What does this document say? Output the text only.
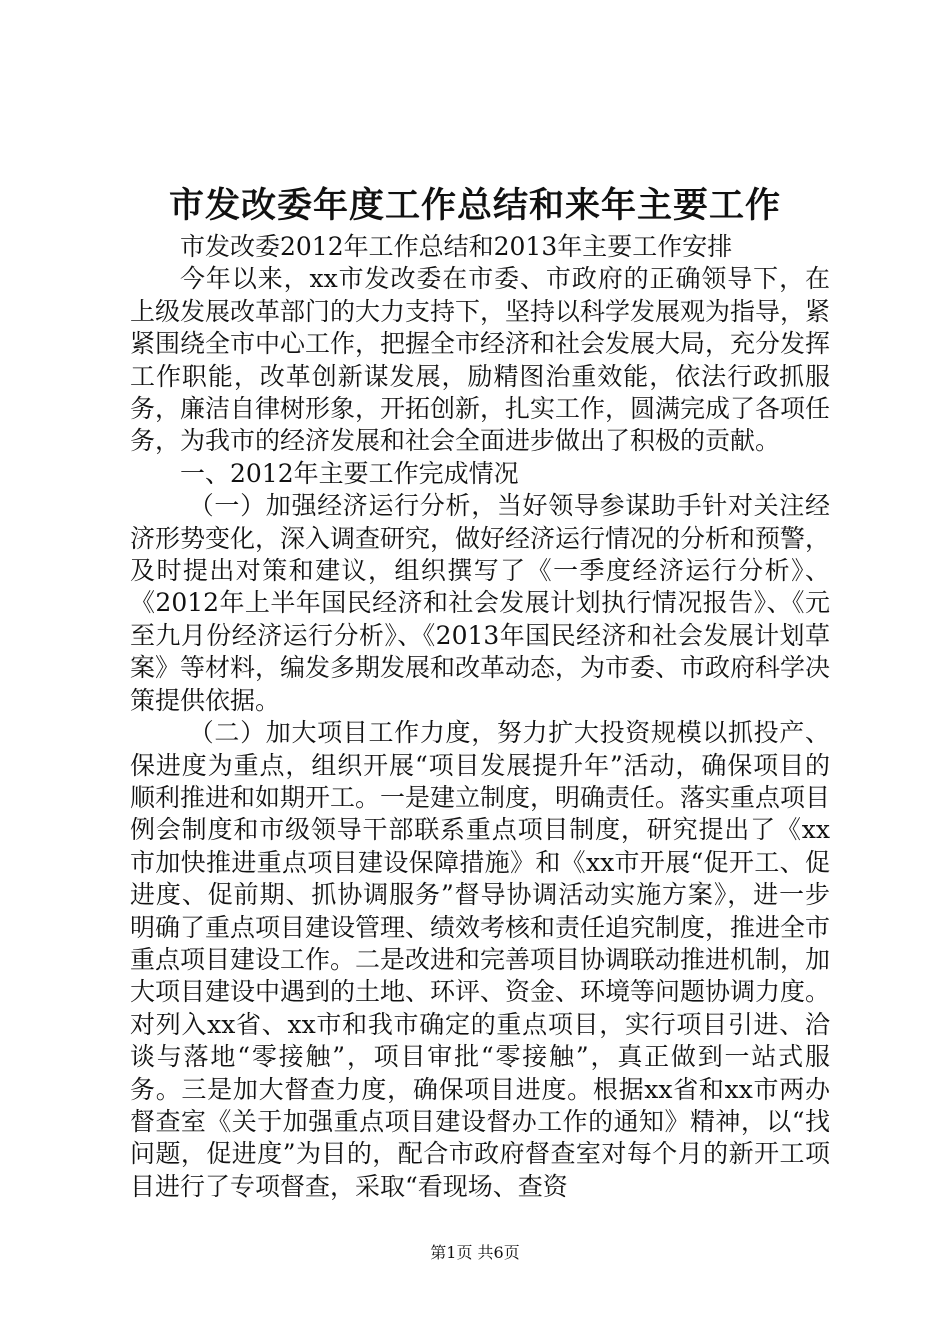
市发改委年度工作总结和来年主要工作

市发改委2012年工作总结和2013年主要工作安排

今年以来，xx市发改委在市委、市政府的正确领导下，在上级发展改革部门的大力支持下，坚持以科学发展观为指导，紧紧围绕全市中心工作，把握全市经济和社会发展大局，充分发挥工作职能，改革创新谋发展，励精图治重效能，依法行政抓服务，廉洁自律树形象，开拓创新，扎实工作，圆满完成了各项任务，为我市的经济发展和社会全面进步做出了积极的贡献。

一、2012年主要工作完成情况

（一）加强经济运行分析，当好领导参谋助手针对关注经济形势变化，深入调查研究，做好经济运行情况的分析和预警，及时提出对策和建议，组织撰写了《一季度经济运行分析》、《2012年上半年国民经济和社会发展计划执行情况报告》、《元至九月份经济运行分析》、《2013年国民经济和社会发展计划草案》等材料，编发多期发展和改革动态，为市委、市政府科学决策提供依据。

（二）加大项目工作力度，努力扩大投资规模以抓投产、保进度为重点，组织开展“项目发展提升年”活动，确保项目的顺利推进和如期开工。一是建立制度，明确责任。落实重点项目例会制度和市级领导干部联系重点项目制度，研究提出了《xx市加快推进重点项目建设保障措施》和《xx市开展“促开工、促进度、促前期、抓协调服务”督导协调活动实施方案》，进一步明确了重点项目建设管理、绩效考核和责任追究制度，推进全市重点项目建设工作。二是改进和完善项目协调联动推进机制，加大项目建设中遇到的土地、环评、资金、环境等问题协调力度。对列入xx省、xx市和我市确定的重点项目，实行项目引进、洽谈与落地“零接触”，项目审批“零接触”，真正做到一站式服务。三是加大督查力度，确保项目进度。根据xx省和xx市两办督查室《关于加强重点项目建设督办工作的通知》精神，以“找问题，促进度”为目的，配合市政府督查室对每个月的新开工项目进行了专项督查，采取“看现场、查资

第1页 共6页
